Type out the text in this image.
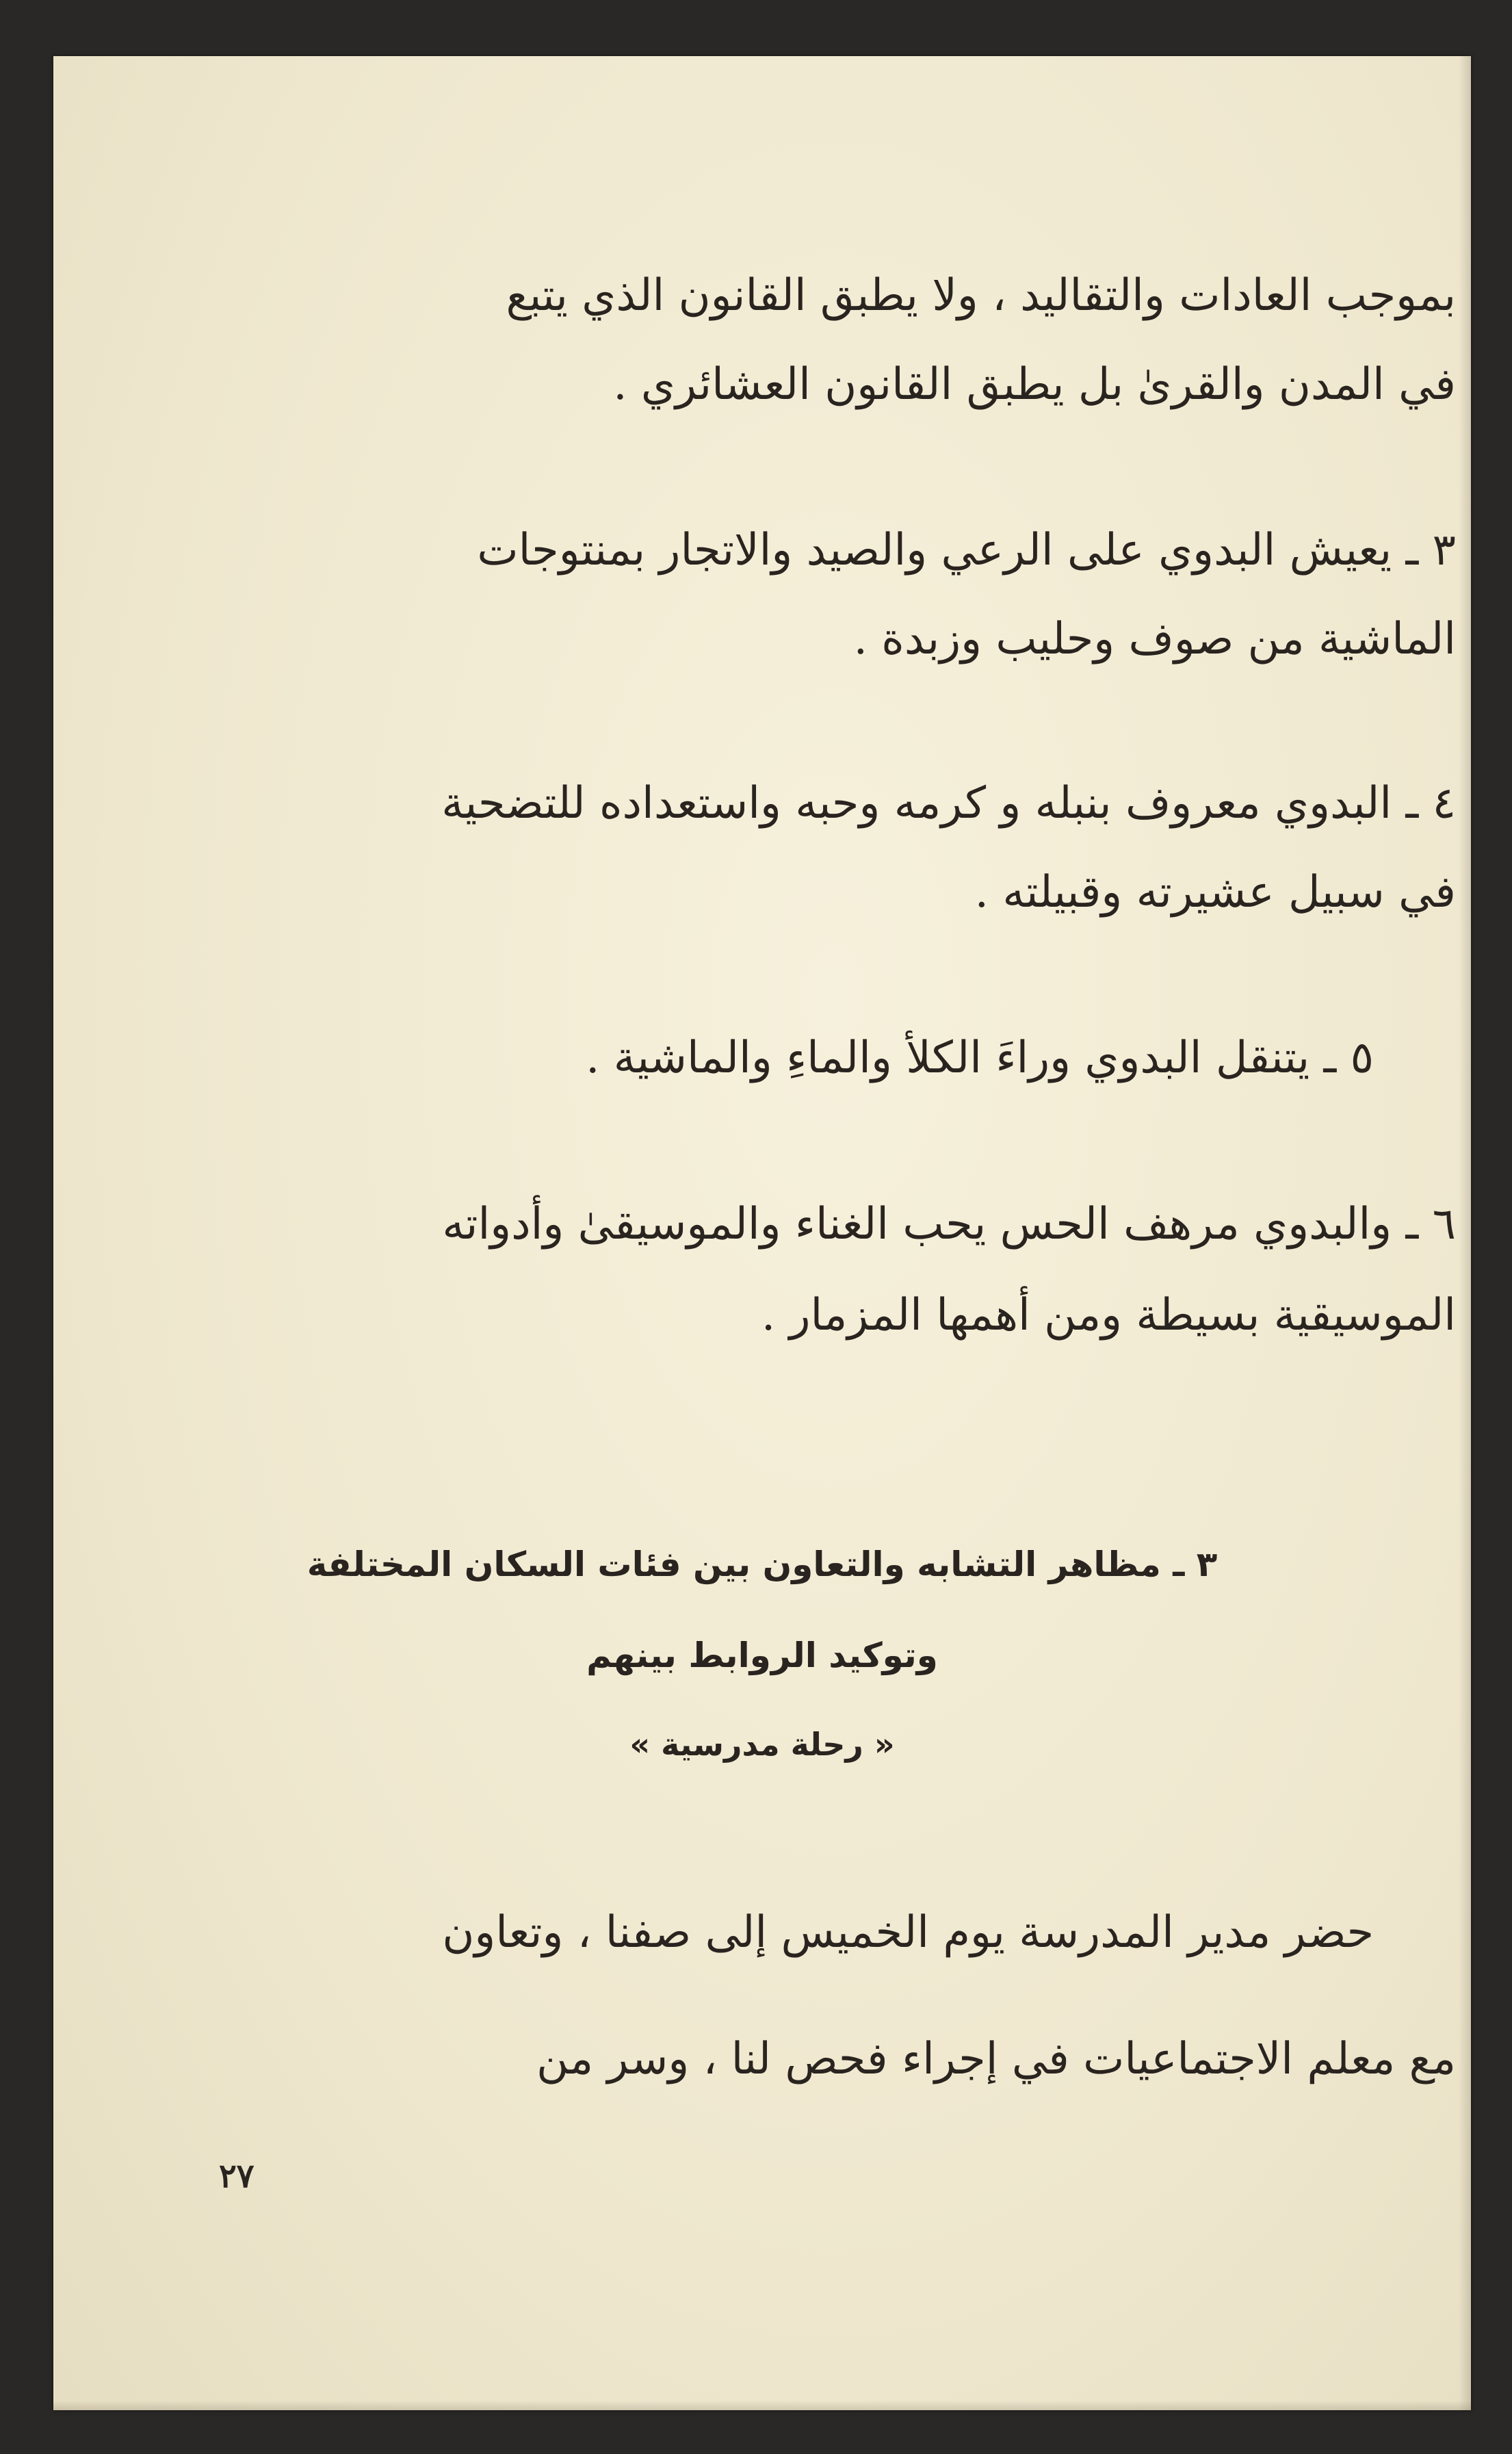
بموجب العادات والتقاليد ، ولا يطبق القانون الذي يتبع
في المدن والقرىٰ بل يطبق القانون العشائري .
٣ ـ يعيش البدوي على الرعي والصيد والاتجار بمنتوجات
الماشية من صوف وحليب وزبدة .
٤ ـ البدوي معروف بنبله و كرمه وحبه واستعداده للتضحية
في سبيل عشيرته وقبيلته .
٥ ـ يتنقل البدوي وراءَ الكلأ والماءِ والماشية .
٦ ـ والبدوي مرهف الحس يحب الغناء والموسيقىٰ وأدواته
الموسيقية بسيطة ومن أهمها المزمار .
٣ ـ مظاهر التشابه والتعاون بين فئات السكان المختلفة
وتوكيد الروابط بينهم
« رحلة مدرسية »
حضر مدير المدرسة يوم الخميس إلى صفنا ، وتعاون
مع معلم الاجتماعيات في إجراء فحص لنا ، وسر من
٢٧
